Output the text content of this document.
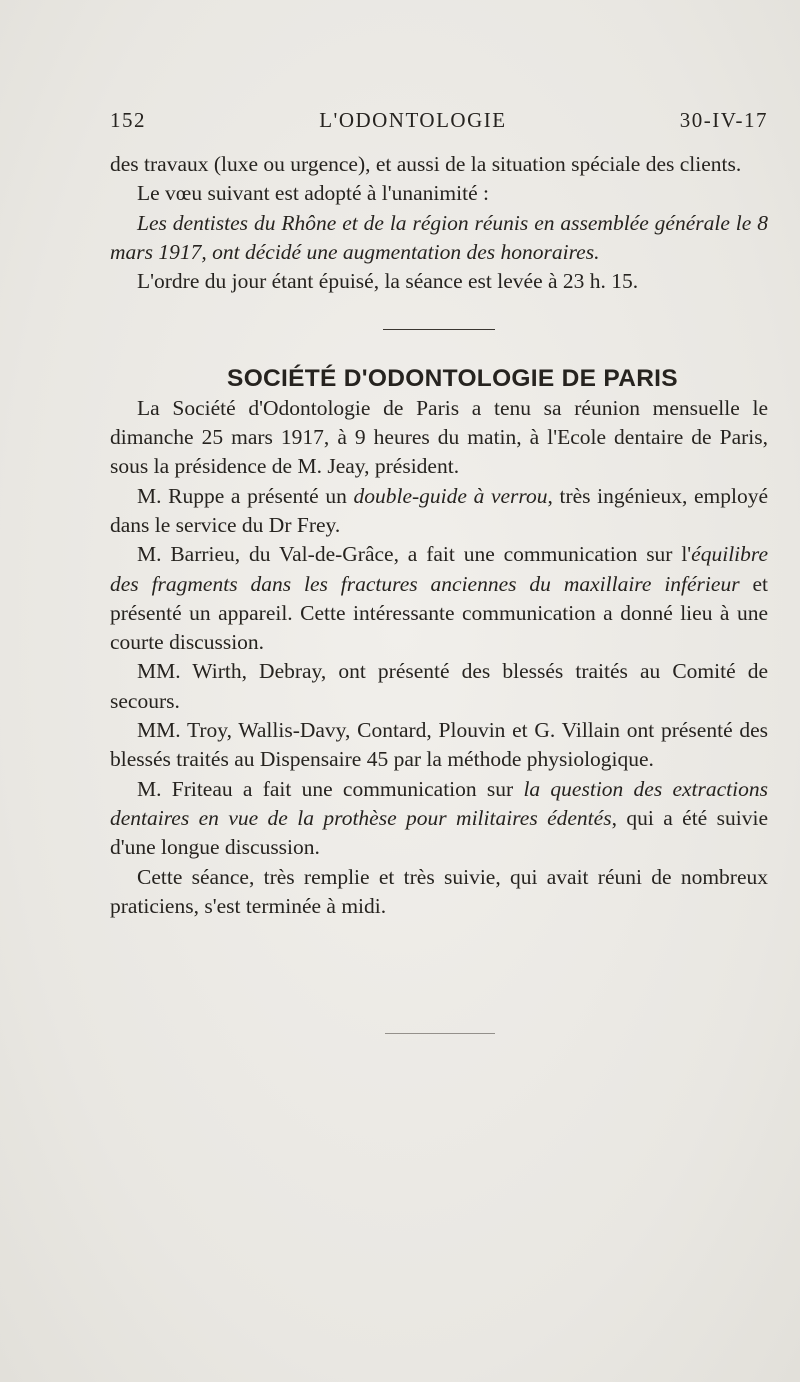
152	L'ODONTOLOGIE	30-IV-17

des travaux (luxe ou urgence), et aussi de la situation spéciale des clients.

Le vœu suivant est adopté à l'unanimité :

Les dentistes du Rhône et de la région réunis en assemblée générale le 8 mars 1917, ont décidé une augmentation des honoraires.

L'ordre du jour étant épuisé, la séance est levée à 23 h. 15.

SOCIÉTÉ D'ODONTOLOGIE DE PARIS

La Société d'Odontologie de Paris a tenu sa réunion mensuelle le dimanche 25 mars 1917, à 9 heures du matin, à l'Ecole dentaire de Paris, sous la présidence de M. Jeay, président.

M. Ruppe a présenté un double-guide à verrou, très ingénieux, employé dans le service du Dr Frey.

M. Barrieu, du Val-de-Grâce, a fait une communication sur l'équilibre des fragments dans les fractures anciennes du maxillaire inférieur et présenté un appareil. Cette intéressante communication a donné lieu à une courte discussion.

MM. Wirth, Debray, ont présenté des blessés traités au Comité de secours.

MM. Troy, Wallis-Davy, Contard, Plouvin et G. Villain ont présenté des blessés traités au Dispensaire 45 par la méthode physiologique.

M. Friteau a fait une communication sur la question des extractions dentaires en vue de la prothèse pour militaires édentés, qui a été suivie d'une longue discussion.

Cette séance, très remplie et très suivie, qui avait réuni de nombreux praticiens, s'est terminée à midi.
